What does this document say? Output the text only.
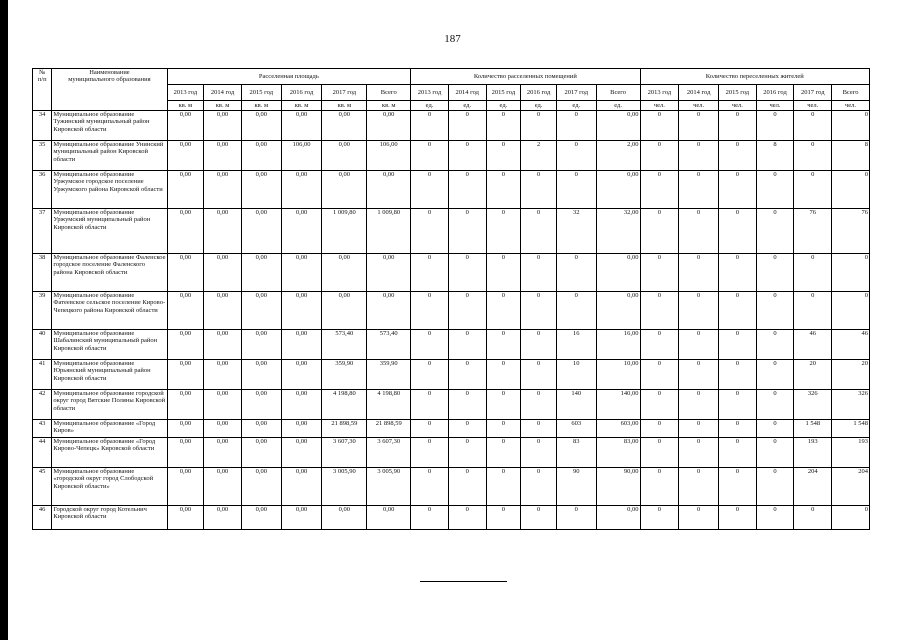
187
№
п/п	Наименование
муниципального образования	Расселенная площадь						Количество расселенных помещений						Количество переселенных жителей					
		2013 год	2014 год	2015 год	2016 год	2017 год	Всего	2013 год	2014 год	2015 год	2016 год	2017 год	Всего	2013 год	2014 год	2015 год	2016 год	2017 год	Всего
		кв. м	кв. м	кв. м	кв. м	кв. м	кв. м	ед.	ед.	ед.	ед.	ед.	ед.	чел.	чел.	чел.	чел.	чел.	чел.
34	Муниципальное образование Тужинский муниципальный район Кировской области	0,00	0,00	0,00	0,00	0,00	0,00	0	0	0	0	0	0,00	0	0	0	0	0	0
35	Муниципальное образование Унинский муниципальный район Кировской области	0,00	0,00	0,00	106,00	0,00	106,00	0	0	0	2	0	2,00	0	0	0	8	0	8
36	Муниципальное образование Уржумское городское поселение Уржумского района Кировской области	0,00	0,00	0,00	0,00	0,00	0,00	0	0	0	0	0	0,00	0	0	0	0	0	0
37	Муниципальное образование Уржумский муниципальный район Кировской области	0,00	0,00	0,00	0,00	1 009,80	1 009,80	0	0	0	0	32	32,00	0	0	0	0	76	76
38	Муниципальное образование Фаленское городское поселение Фаленского района Кировской области	0,00	0,00	0,00	0,00	0,00	0,00	0	0	0	0	0	0,00	0	0	0	0	0	0
39	Муниципальное образование Фатеевское сельское поселение Кирово-Чепецкого района Кировской области	0,00	0,00	0,00	0,00	0,00	0,00	0	0	0	0	0	0,00	0	0	0	0	0	0
40	Муниципальное образование Шабалинский муниципальный район Кировской области	0,00	0,00	0,00	0,00	573,40	573,40	0	0	0	0	16	16,00	0	0	0	0	46	46
41	Муниципальное образование Юрьянский муниципальный район Кировской области	0,00	0,00	0,00	0,00	359,90	359,90	0	0	0	0	10	10,00	0	0	0	0	20	20
42	Муниципальное образование городской округ город Вятские Поляны Кировской области	0,00	0,00	0,00	0,00	4 198,80	4 198,80	0	0	0	0	140	140,00	0	0	0	0	326	326
43	Муниципальное образование «Город Киров»	0,00	0,00	0,00	0,00	21 898,59	21 898,59	0	0	0	0	603	603,00	0	0	0	0	1 548	1 548
44	Муниципальное образование «Город Кирово-Чепецк» Кировской области	0,00	0,00	0,00	0,00	3 607,30	3 607,30	0	0	0	0	83	83,00	0	0	0	0	193	193
45	Муниципальное образование «городской округ город Слободской Кировской области»	0,00	0,00	0,00	0,00	3 005,90	3 005,90	0	0	0	0	90	90,00	0	0	0	0	204	204
46	Городской округ город Котельнич Кировской области	0,00	0,00	0,00	0,00	0,00	0,00	0	0	0	0	0	0,00	0	0	0	0	0	0
